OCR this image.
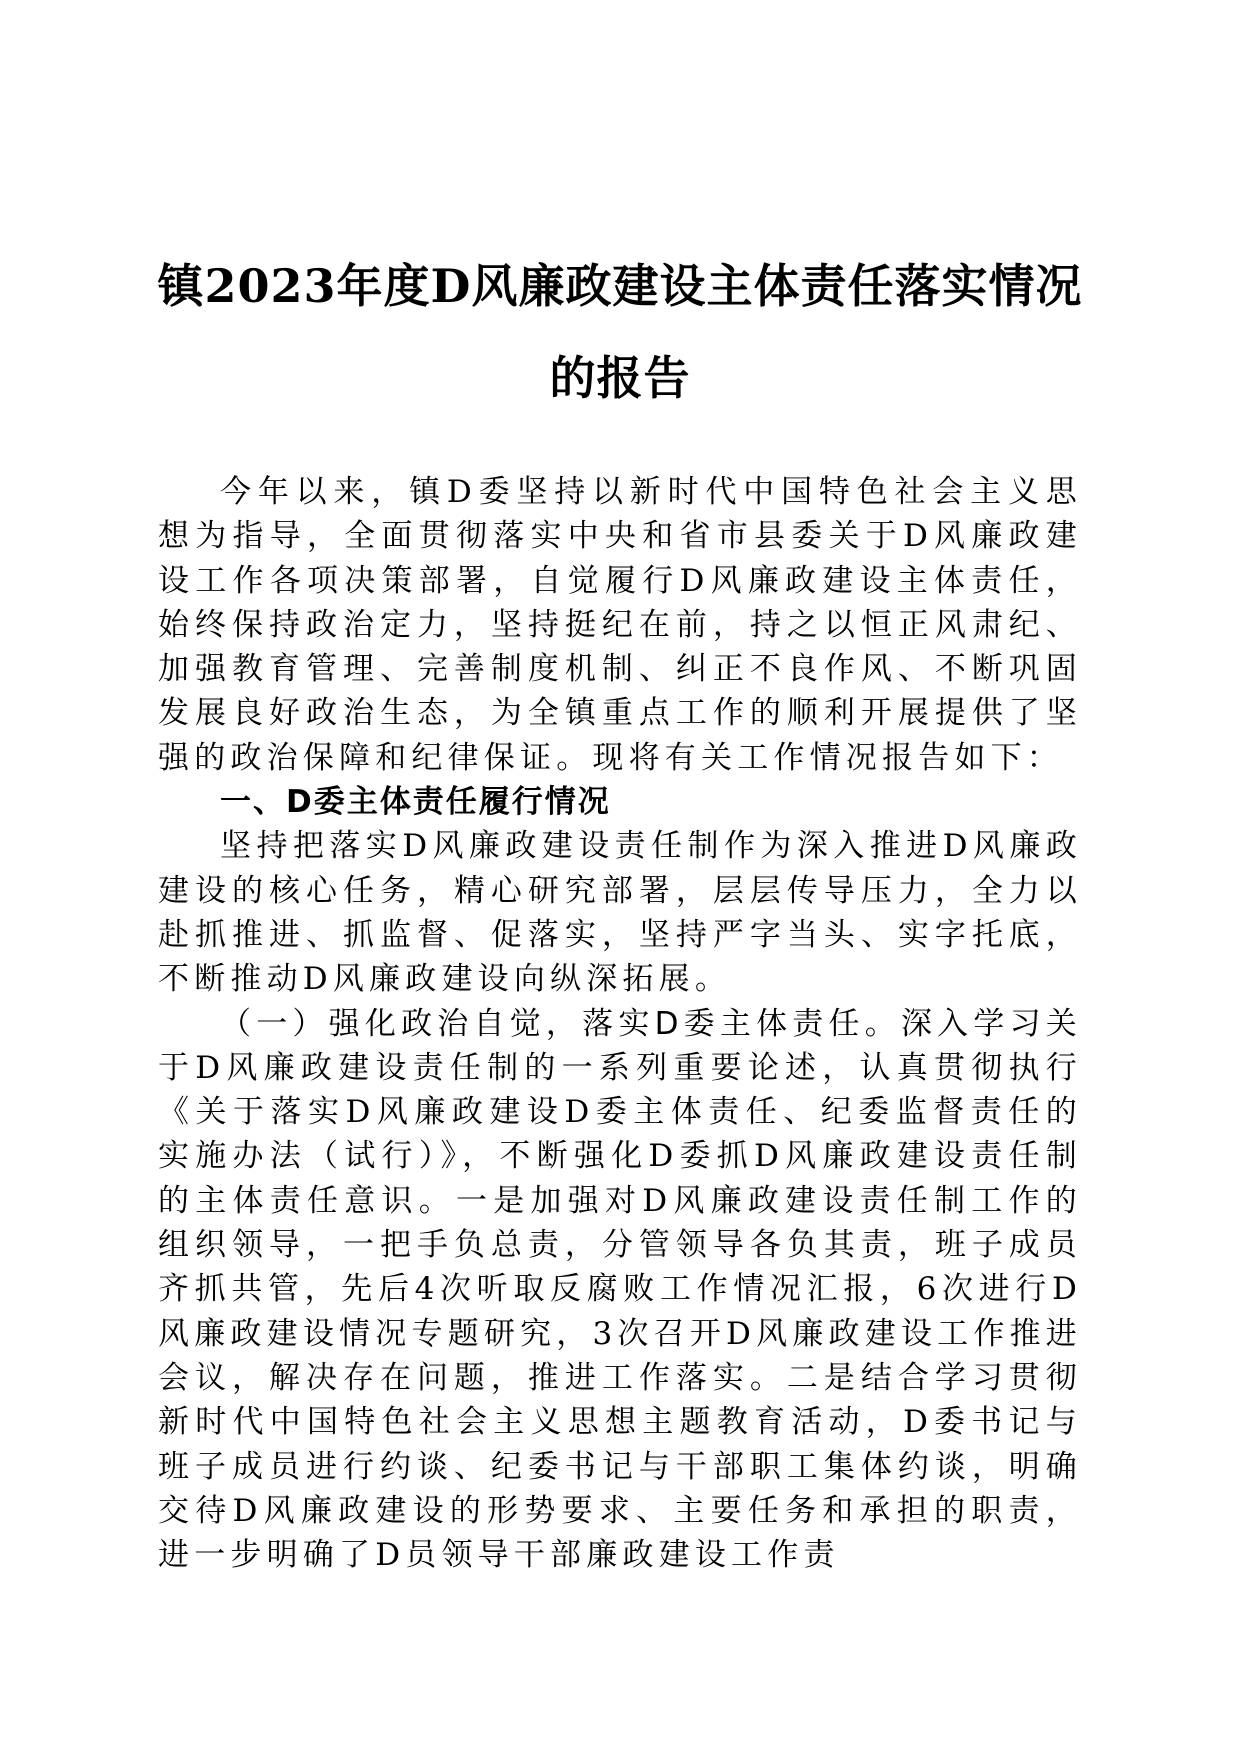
镇2023年度D风廉政建设主体责任落实情况
的报告

今年以来，镇D委坚持以新时代中国特色社会主义思想为指导，全面贯彻落实中央和省市县委关于D风廉政建设工作各项决策部署，自觉履行D风廉政建设主体责任，始终保持政治定力，坚持挺纪在前，持之以恒正风肃纪、加强教育管理、完善制度机制、纠正不良作风、不断巩固发展良好政治生态，为全镇重点工作的顺利开展提供了坚强的政治保障和纪律保证。现将有关工作情况报告如下：

一、D委主体责任履行情况

坚持把落实D风廉政建设责任制作为深入推进D风廉政建设的核心任务，精心研究部署，层层传导压力，全力以赴抓推进、抓监督、促落实，坚持严字当头、实字托底，不断推动D风廉政建设向纵深拓展。

（一）强化政治自觉，落实D委主体责任。深入学习关于D风廉政建设责任制的一系列重要论述，认真贯彻执行《关于落实D风廉政建设D委主体责任、纪委监督责任的实施办法（试行）》，不断强化D委抓D风廉政建设责任制的主体责任意识。一是加强对D风廉政建设责任制工作的组织领导，一把手负总责，分管领导各负其责，班子成员齐抓共管，先后4次听取反腐败工作情况汇报，6次进行D风廉政建设情况专题研究，3次召开D风廉政建设工作推进会议，解决存在问题，推进工作落实。二是结合学习贯彻新时代中国特色社会主义思想主题教育活动，D委书记与班子成员进行约谈、纪委书记与干部职工集体约谈，明确交待D风廉政建设的形势要求、主要任务和承担的职责，进一步明确了D员领导干部廉政建设工作责
